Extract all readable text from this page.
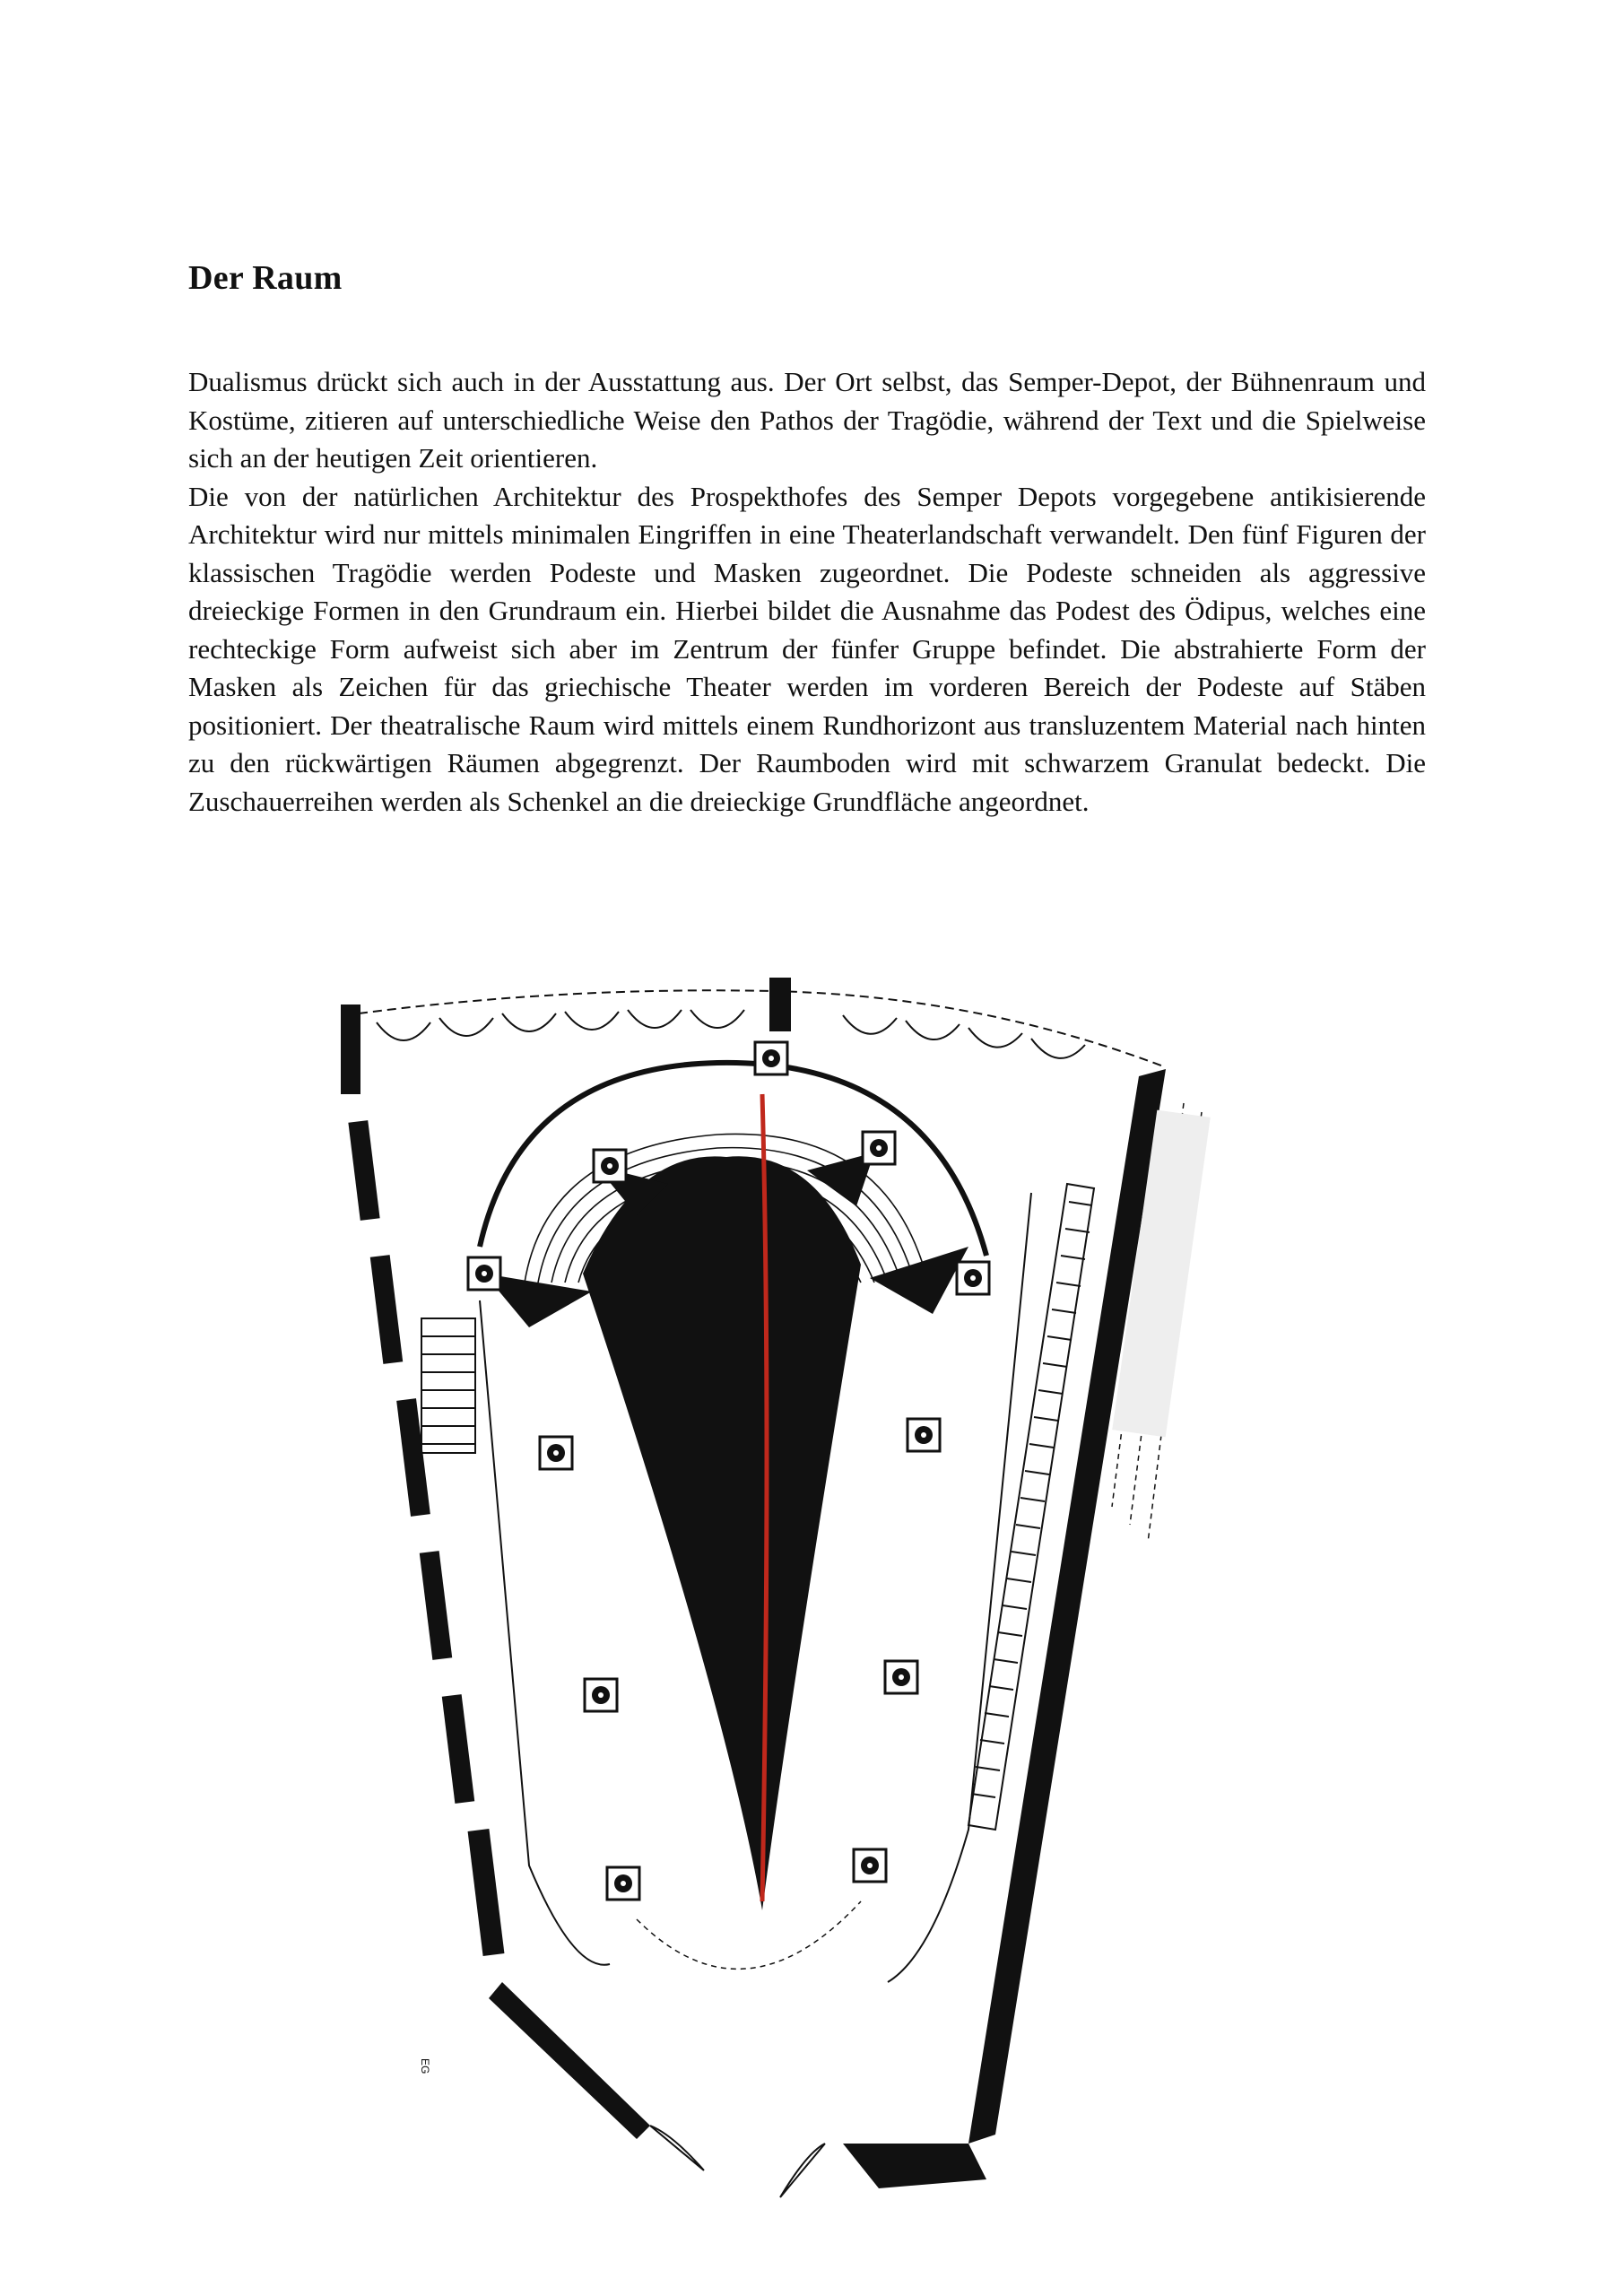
Der Raum

Dualismus drückt sich auch in der Ausstattung aus. Der Ort selbst, das Semper-Depot, der Bühnenraum und Kostüme, zitieren auf unterschiedliche Weise den Pathos der Tragödie, während der Text und die Spielweise sich an der heutigen Zeit orientieren.

Die von der natürlichen Architektur des Prospekthofes des Semper Depots vorgegebene antikisierende Architektur wird nur mittels minimalen Eingriffen in eine Theaterlandschaft verwandelt. Den fünf Figuren der klassischen Tragödie werden Podeste und Masken zugeordnet. Die Podeste schneiden als aggressive dreieckige Formen in den Grundraum ein. Hierbei bildet die Ausnahme das Podest des Ödipus, welches eine rechteckige Form aufweist sich aber im Zentrum der fünfer Gruppe befindet. Die abstrahierte Form der Masken als Zeichen für das griechische Theater werden im vorderen Bereich der Podeste auf Stäben positioniert. Der theatralische Raum wird mittels einem Rundhorizont aus transluzentem Material nach hinten zu den rückwärtigen Räumen abgegrenzt. Der Raumboden wird mit schwarzem Granulat bedeckt. Die Zuschauerreihen werden als Schenkel an die dreieckige Grundfläche angeordnet.

EG
